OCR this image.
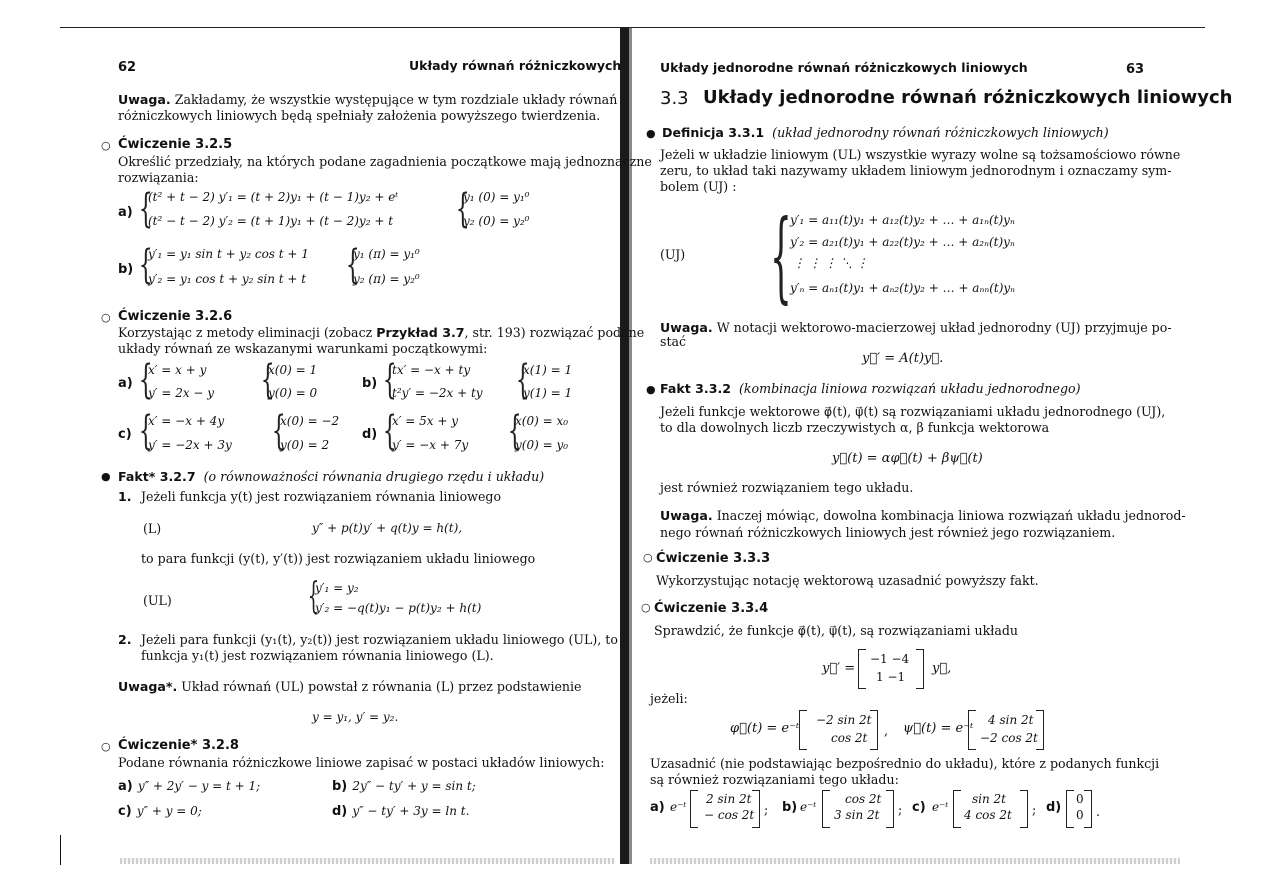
62	Układy równań różniczkowych
Uwaga. Zakładamy, że wszystkie występujące w tym rozdziale układy równań
różniczkowych liniowych będą spełniały założenia powyższego twierdzenia.
○ Ćwiczenie 3.2.5
Określić przedziały, na których podane zagadnienia początkowe mają jednoznaczne
rozwiązania:
a) {
(t² + t − 2) y′₁ = (t + 2)y₁ + (t − 1)y₂ + eᵗ
(t² − t − 2) y′₂ = (t + 1)y₁ + (t − 2)y₂ + t {
y₁ (0) = y₁⁰
y₂ (0) = y₂⁰
b) {
y′₁ = y₁ sin t + y₂ cos t + 1
y′₂ = y₁ cos t + y₂ sin t + t {
y₁ (π) = y₁⁰
y₂ (π) = y₂⁰
○ Ćwiczenie 3.2.6
Korzystając z metody eliminacji (zobacz Przykład 3.7, str. 193) rozwiązać podane
układy równań ze wskazanymi warunkami początkowymi:
a) {
x′ = x + y
y′ = 2x − y {
x(0) = 1
y(0) = 0
b) {
tx′ = −x + ty
t²y′ = −2x + ty {
x(1) = 1
y(1) = 1
c) {
x′ = −x + 4y
y′ = −2x + 3y {
x(0) = −2
y(0) = 2
d) {
x′ = 5x + y
y′ = −x + 7y {
x(0) = x₀
y(0) = y₀
● Fakt* 3.2.7 (o równoważności równania drugiego rzędu i układu)
1. Jeżeli funkcja y(t) jest rozwiązaniem równania liniowego
(L)	y″ + p(t)y′ + q(t)y = h(t),
to para funkcji (y(t), y′(t)) jest rozwiązaniem układu liniowego
(UL)	{
y′₁ = y₂
y′₂ = −q(t)y₁ − p(t)y₂ + h(t)
2. Jeżeli para funkcji (y₁(t), y₂(t)) jest rozwiązaniem układu liniowego (UL), to
funkcja y₁(t) jest rozwiązaniem równania liniowego (L).
Uwaga*. Układ równań (UL) powstał z równania (L) przez podstawienie
y = y₁, y′ = y₂.
○ Ćwiczenie* 3.2.8
Podane równania różniczkowe liniowe zapisać w postaci układów liniowych:
a) y″ + 2y′ − y = t + 1;	b) 2y″ − ty′ + y = sin t;
c) y″ + y = 0;	d) y″ − ty′ + 3y = ln t.
Układy jednorodne równań różniczkowych liniowych	63
3.3 Układy jednorodne równań różniczkowych liniowych
● Definicja 3.3.1 (układ jednorodny równań różniczkowych liniowych)
Jeżeli w układzie liniowym (UL) wszystkie wyrazy wolne są tożsamościowo równe
zeru, to układ taki nazywamy układem liniowym jednorodnym i oznaczamy sym-
bolem (UJ) :
(UJ) {
y′₁ = a₁₁(t)y₁ + a₁₂(t)y₂ + … + a₁ₙ(t)yₙ
y′₂ = a₂₁(t)y₁ + a₂₂(t)y₂ + … + a₂ₙ(t)yₙ
⋮ ⋮ ⋮ ⋱ ⋮
y′ₙ = aₙ₁(t)y₁ + aₙ₂(t)y₂ + … + aₙₙ(t)yₙ
Uwaga. W notacji wektorowo-macierzowej układ jednorodny (UJ) przyjmuje po-
stać
y⃗′ = A(t)y⃗.
● Fakt 3.3.2 (kombinacja liniowa rozwiązań układu jednorodnego)
Jeżeli funkcje wektorowe φ⃗(t), ψ⃗(t) są rozwiązaniami układu jednorodnego (UJ),
to dla dowolnych liczb rzeczywistych α, β funkcja wektorowa
y⃗(t) = αφ⃗(t) + βψ⃗(t)
jest również rozwiązaniem tego układu.
Uwaga. Inaczej mówiąc, dowolna kombinacja liniowa rozwiązań układu jednorod-
nego równań różniczkowych liniowych jest również jego rozwiązaniem.
○ Ćwiczenie 3.3.3
Wykorzystując notację wektorową uzasadnić powyższy fakt.
○ Ćwiczenie 3.3.4
Sprawdzić, że funkcje φ⃗(t), ψ⃗(t), są rozwiązaniami układu
y⃗′ =
−1 −4
1 −1
y⃗,
jeżeli:
φ⃗(t) = e⁻ᵗ
−2 sin 2t
cos 2t , ψ⃗(t) = e⁻ᵗ
4 sin 2t
−2 cos 2t
Uzasadnić (nie podstawiając bezpośrednio do układu), które z podanych funkcji
są również rozwiązaniami tego układu:
a) e⁻ᵗ
2 sin 2t
− cos 2t ; b) e⁻ᵗ
cos 2t
3 sin 2t ; c) e⁻ᵗ
sin 2t
4 cos 2t ; d)
0
0 .
